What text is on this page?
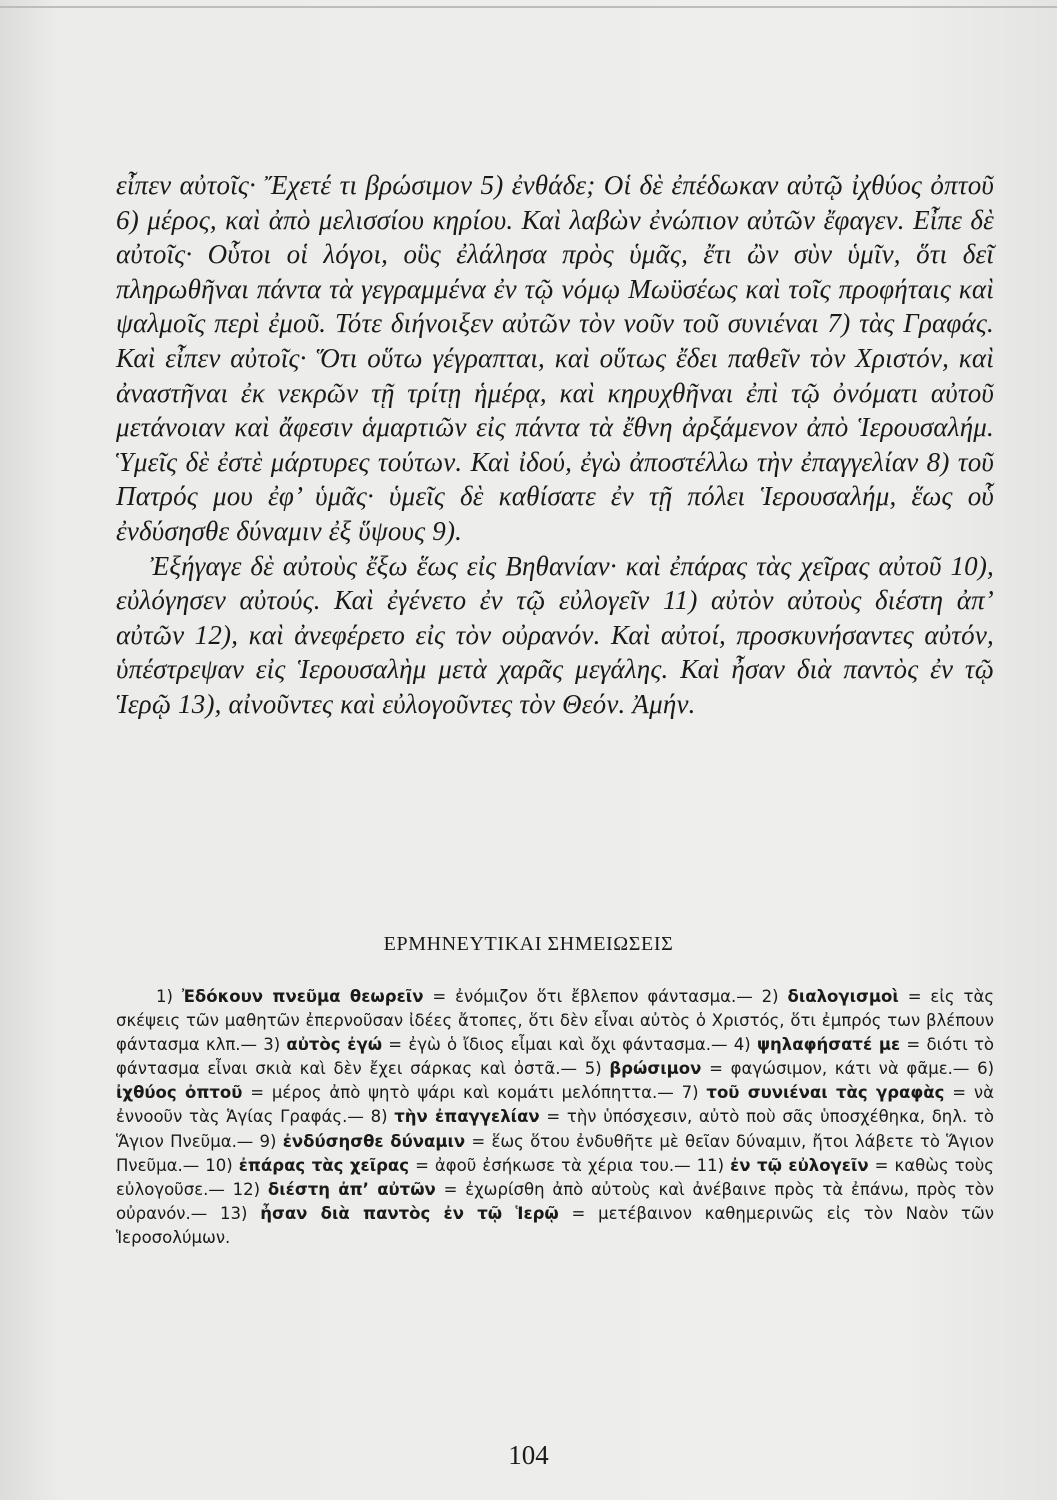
εἶπεν αὐτοῖς· Ἔχετέ τι βρώσιμον 5) ἐνθάδε; Οἱ δὲ ἐπέδωκαν αὐτῷ ἰχθύος ὀπτοῦ 6) μέρος, καὶ ἀπὸ μελισσίου κηρίου. Καὶ λαβὼν ἐνώπιον αὐτῶν ἔφαγεν. Εἶπε δὲ αὐτοῖς· Οὗτοι οἱ λόγοι, οὓς ἐλάλησα πρὸς ὑμᾶς, ἔτι ὢν σὺν ὑμῖν, ὅτι δεῖ πληρωθῆναι πάντα τὰ γεγραμμένα ἐν τῷ νόμῳ Μωϋσέως καὶ τοῖς προφήταις καὶ ψαλμοῖς περὶ ἐμοῦ. Τότε διήνοιξεν αὐτῶν τὸν νοῦν τοῦ συνιέναι 7) τὰς Γραφάς. Καὶ εἶπεν αὐτοῖς· Ὅτι οὕτω γέγραπται, καὶ οὕτως ἔδει παθεῖν τὸν Χριστόν, καὶ ἀναστῆναι ἐκ νεκρῶν τῇ τρίτῃ ἡμέρᾳ, καὶ κηρυχθῆναι ἐπὶ τῷ ὀνόματι αὐτοῦ μετάνοιαν καὶ ἄφεσιν ἁμαρτιῶν εἰς πάντα τὰ ἔθνη ἀρξάμενον ἀπὸ Ἱερουσαλήμ. Ὑμεῖς δὲ ἐστὲ μάρτυρες τούτων. Καὶ ἰδού, ἐγὼ ἀποστέλλω τὴν ἐπαγγελίαν 8) τοῦ Πατρός μου ἐφ’ ὑμᾶς· ὑμεῖς δὲ καθίσατε ἐν τῇ πόλει Ἱερουσαλήμ, ἕως οὗ ἐνδύσησθε δύναμιν ἐξ ὕψους 9).

Ἐξήγαγε δὲ αὐτοὺς ἔξω ἕως εἰς Βηθανίαν· καὶ ἐπάρας τὰς χεῖρας αὐτοῦ 10), εὐλόγησεν αὐτούς. Καὶ ἐγένετο ἐν τῷ εὐλογεῖν 11) αὐτὸν αὐτοὺς διέστη ἀπ’ αὐτῶν 12), καὶ ἀνεφέρετο εἰς τὸν οὐρανόν. Καὶ αὐτοί, προσκυνήσαντες αὐτόν, ὑπέστρεψαν εἰς Ἱερουσαλὴμ μετὰ χαρᾶς μεγάλης. Καὶ ἦσαν διὰ παντὸς ἐν τῷ Ἱερῷ 13), αἰνοῦντες καὶ εὐλογοῦντες τὸν Θεόν. Ἀμήν.

ΕΡΜΗΝΕΥΤΙΚΑΙ ΣΗΜΕΙΩΣΕΙΣ

1) Ἐδόκουν πνεῦμα θεωρεῖν = ἐνόμιζον ὅτι ἔβλεπον φάντασμα.— 2) διαλογισμοὶ = εἰς τὰς σκέψεις τῶν μαθητῶν ἐπερνοῦσαν ἰδέες ἄτοπες, ὅτι δὲν εἶναι αὐτὸς ὁ Χριστός, ὅτι ἐμπρός των βλέπουν φάντασμα κλπ.— 3) αὐτὸς ἐγώ = ἐγὼ ὁ ἴδιος εἶμαι καὶ ὄχι φάντασμα.— 4) ψηλαφήσατέ με = διότι τὸ φάντασμα εἶναι σκιὰ καὶ δὲν ἔχει σάρκας καὶ ὀστᾶ.— 5) βρώσιμον = φαγώσιμον, κάτι νὰ φᾶμε.— 6) ἰχθύος ὀπτοῦ = μέρος ἀπὸ ψητὸ ψάρι καὶ κομάτι μελόπηττα.— 7) τοῦ συνιέναι τὰς γραφὰς = νὰ ἐννοοῦν τὰς Ἁγίας Γραφάς.— 8) τὴν ἐπαγγελίαν = τὴν ὑπόσχεσιν, αὐτὸ ποὺ σᾶς ὑποσχέθηκα, δηλ. τὸ Ἅγιον Πνεῦμα.— 9) ἐνδύσησθε δύναμιν = ἕως ὅτου ἐνδυθῆτε μὲ θεῖαν δύναμιν, ἤτοι λάβετε τὸ Ἅγιον Πνεῦμα.— 10) ἐπάρας τὰς χεῖρας = ἀφοῦ ἐσήκωσε τὰ χέρια του.— 11) ἐν τῷ εὐλογεῖν = καθὼς τοὺς εὐλογοῦσε.— 12) διέστη ἀπ’ αὐτῶν = ἐχωρίσθη ἀπὸ αὐτοὺς καὶ ἀνέβαινε πρὸς τὰ ἐπάνω, πρὸς τὸν οὐρανόν.— 13) ἦσαν διὰ παντὸς ἐν τῷ Ἱερῷ = μετέβαινον καθημερινῶς εἰς τὸν Ναὸν τῶν Ἱεροσολύμων.

104
